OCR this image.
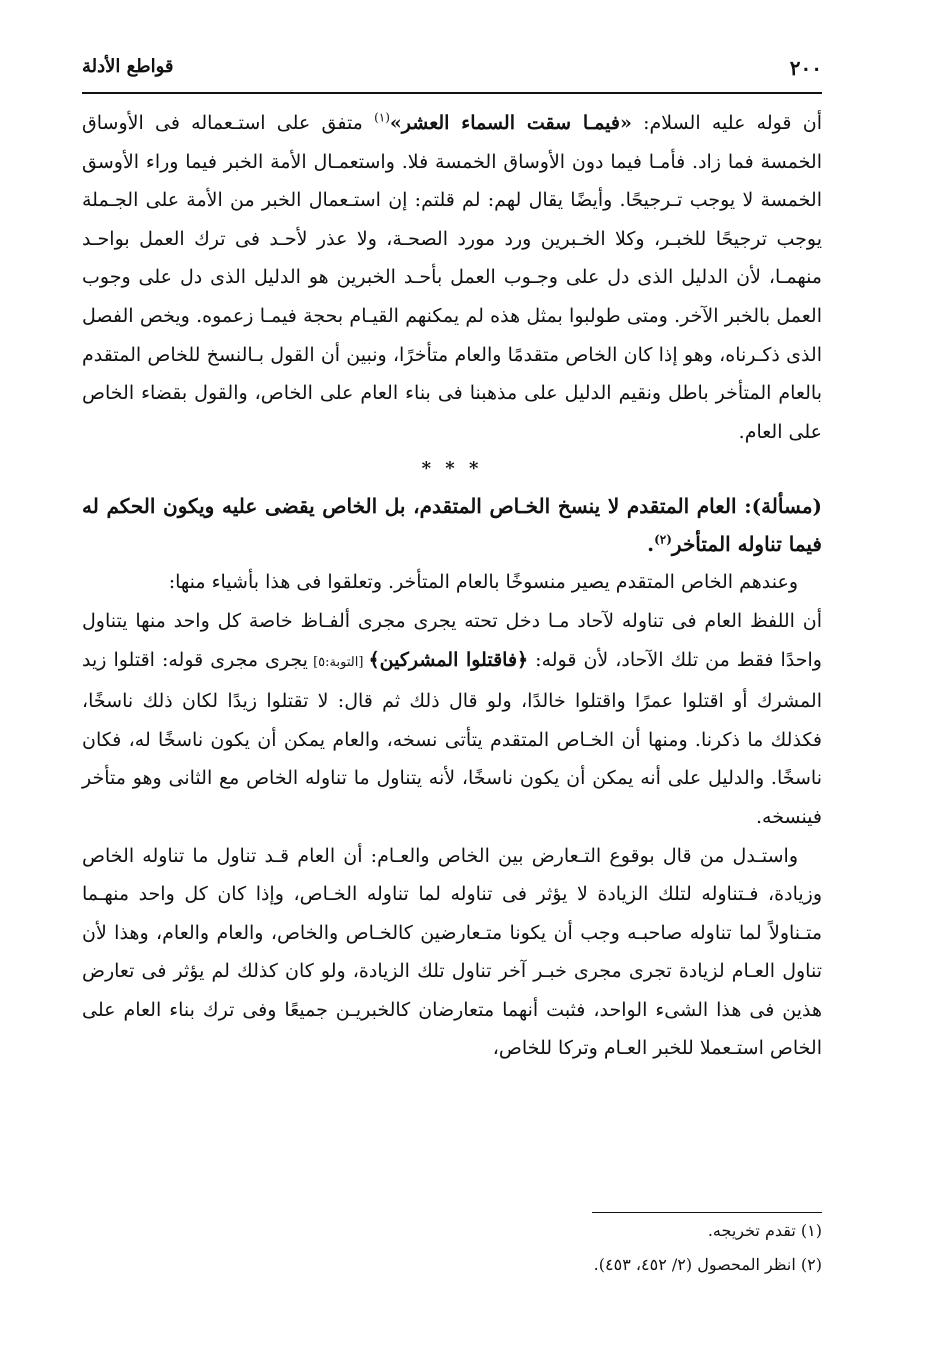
٢٠٠
قواطع الأدلة

أن قوله عليه السلام: «فيمـا سقت السماء العشر»$^{(١)}$ متفق على استـعماله فى الأوساق الخمسة فما زاد. فأمـا فيما دون الأوساق الخمسة فلا. واستعمـال الأمة الخبر فيما وراء الأوسق الخمسة لا يوجب تـرجيحًا. وأيضًا يقال لهم: لم قلتم: إن استـعمال الخبر من الأمة على الجـملة يوجب ترجيحًا للخبـر، وكلا الخـبرين ورد مورد الصحـة، ولا عذر لأحـد فى ترك العمل بواحـد منهمـا، لأن الدليل الذى دل على وجـوب العمل بأحـد الخبرين هو الدليل الذى دل على وجوب العمل بالخبر الآخر. ومتى طولبوا بمثل هذه لم يمكنهم القيـام بحجة فيمـا زعموه. ويخص الفصل الذى ذكـرناه، وهو إذا كان الخاص متقدمًا والعام متأخرًا، ونبين أن القول بـالنسخ للخاص المتقدم بالعام المتأخر باطل ونقيم الدليل على مذهبنا فى بناء العام على الخاص، والقول بقضاء الخاص على العام.

* * *

(مسألة): العام المتقدم لا ينسخ الخـاص المتقدم، بل الخاص يقضى عليه ويكون الحكم له فيما تناوله المتأخر$^{(٢)}$.

وعندهم الخاص المتقدم يصير منسوخًا بالعام المتأخر. وتعلقوا فى هذا بأشياء منها:

أن اللفظ العام فى تناوله لآحاد مـا دخل تحته يجرى مجرى ألفـاظ خاصة كل واحد منها يتناول واحدًا فقط من تلك الآحاد، لأن قوله: ﴿فاقتلوا المشركين﴾ [التوبة:٥] يجرى مجرى قوله: اقتلوا زيد المشرك أو اقتلوا عمرًا واقتلوا خالدًا، ولو قال ذلك ثم قال: لا تقتلوا زيدًا لكان ذلك ناسخًا، فكذلك ما ذكرنا. ومنها أن الخـاص المتقدم يتأتى نسخه، والعام يمكن أن يكون ناسخًا له، فكان ناسخًا. والدليل على أنه يمكن أن يكون ناسخًا، لأنه يتناول ما تناوله الخاص مع الثانى وهو متأخر فينسخه.

واستـدل من قال بوقوع التـعارض بين الخاص والعـام: أن العام قـد تناول ما تناوله الخاص وزيادة، فـتناوله لتلك الزيادة لا يؤثر فى تناوله لما تناوله الخـاص، وإذا كان كل واحد منهـما متـناولاً لما تناوله صاحبـه وجب أن يكونا متـعارضين كالخـاص والخاص، والعام والعام، وهذا لأن تناول العـام لزيادة تجرى مجرى خبـر آخر تناول تلك الزيادة، ولو كان كذلك لم يؤثر فى تعارض هذين فى هذا الشىء الواحد، فثبت أنهما متعارضان كالخبريـن جميعًا وفى ترك بناء العام على الخاص استـعملا للخبر العـام وتركا للخاص،

(١) تقدم تخريجه.

(٢) انظر المحصول (٢/ ٤٥٢، ٤٥٣).
